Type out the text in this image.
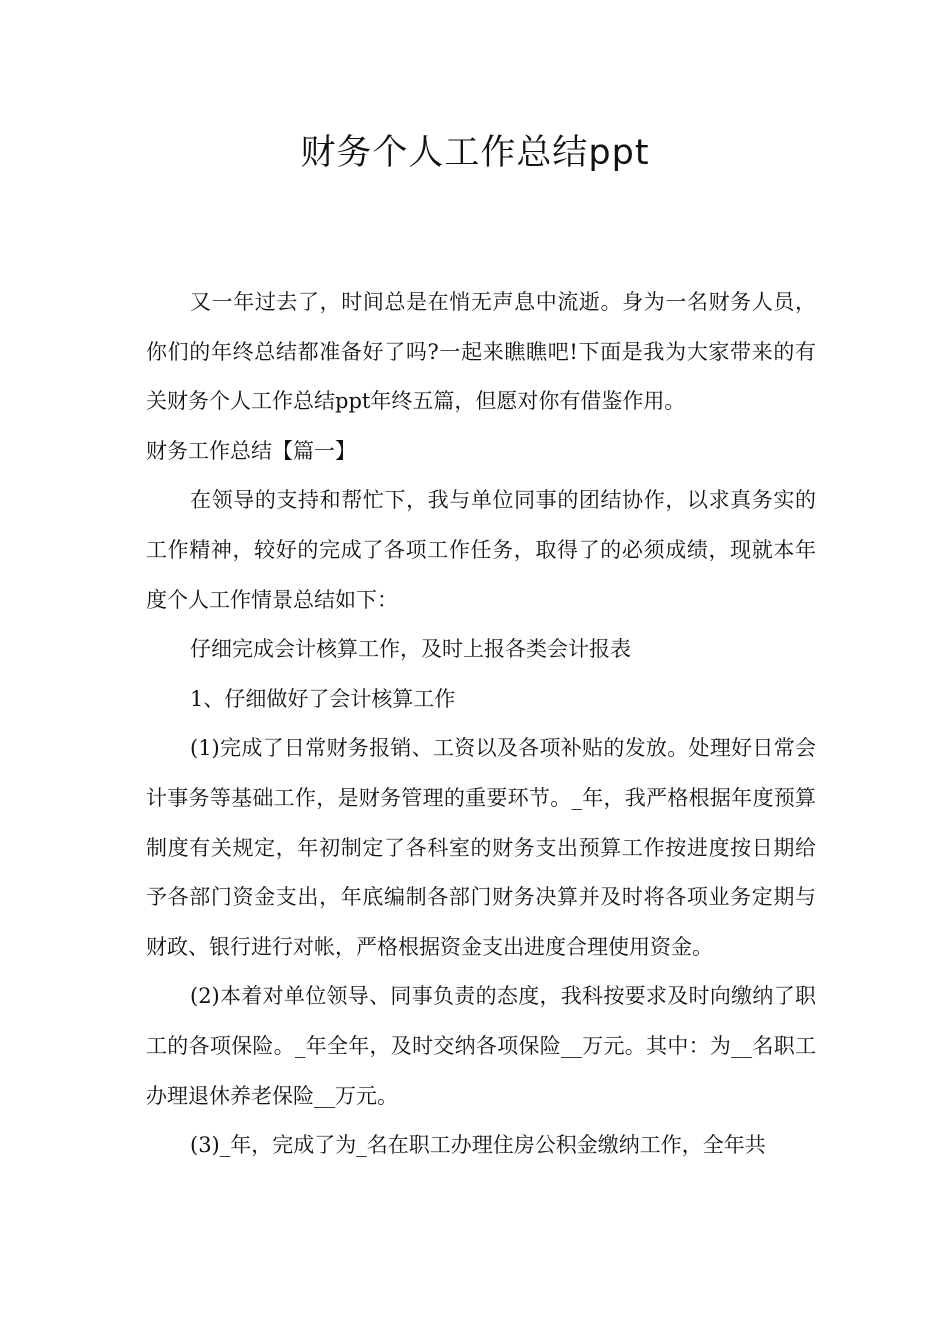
财务个人工作总结ppt

又一年过去了，时间总是在悄无声息中流逝。身为一名财务人员，你们的年终总结都准备好了吗?一起来瞧瞧吧!下面是我为大家带来的有关财务个人工作总结ppt年终五篇，但愿对你有借鉴作用。

财务工作总结【篇一】

在领导的支持和帮忙下，我与单位同事的团结协作，以求真务实的工作精神，较好的完成了各项工作任务，取得了的必须成绩，现就本年度个人工作情景总结如下：

仔细完成会计核算工作，及时上报各类会计报表

1、仔细做好了会计核算工作

(1)完成了日常财务报销、工资以及各项补贴的发放。处理好日常会计事务等基础工作，是财务管理的重要环节。_年，我严格根据年度预算制度有关规定，年初制定了各科室的财务支出预算工作按进度按日期给予各部门资金支出，年底编制各部门财务决算并及时将各项业务定期与财政、银行进行对帐，严格根据资金支出进度合理使用资金。

(2)本着对单位领导、同事负责的态度，我科按要求及时向缴纳了职工的各项保险。_年全年，及时交纳各项保险__万元。其中：为__名职工办理退休养老保险__万元。

(3)_年，完成了为_名在职工办理住房公积金缴纳工作，全年共
